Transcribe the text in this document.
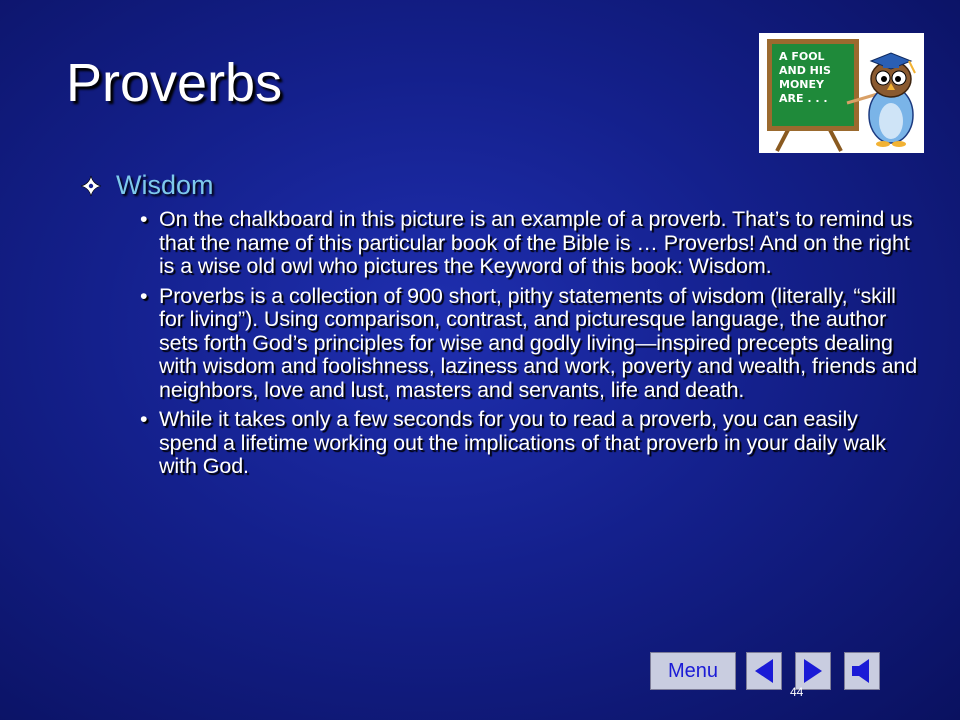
Proverbs	A FOOL
AND HIS
MONEY
ARE . . .
Wisdom
• On the chalkboard in this picture is an example of a proverb. That’s to remind us that the name of this particular book of the Bible is … Proverbs! And on the right is a wise old owl who pictures the Keyword of this book: Wisdom.
• Proverbs is a collection of 900 short, pithy statements of wisdom (literally, “skill for living”). Using comparison, contrast, and picturesque language, the author sets forth God’s principles for wise and godly living—inspired precepts dealing with wisdom and foolishness, laziness and work, poverty and wealth, friends and neighbors, love and lust, masters and servants, life and death.
• While it takes only a few seconds for you to read a proverb, you can easily spend a lifetime working out the implications of that proverb in your daily walk with God.
Menu
44
